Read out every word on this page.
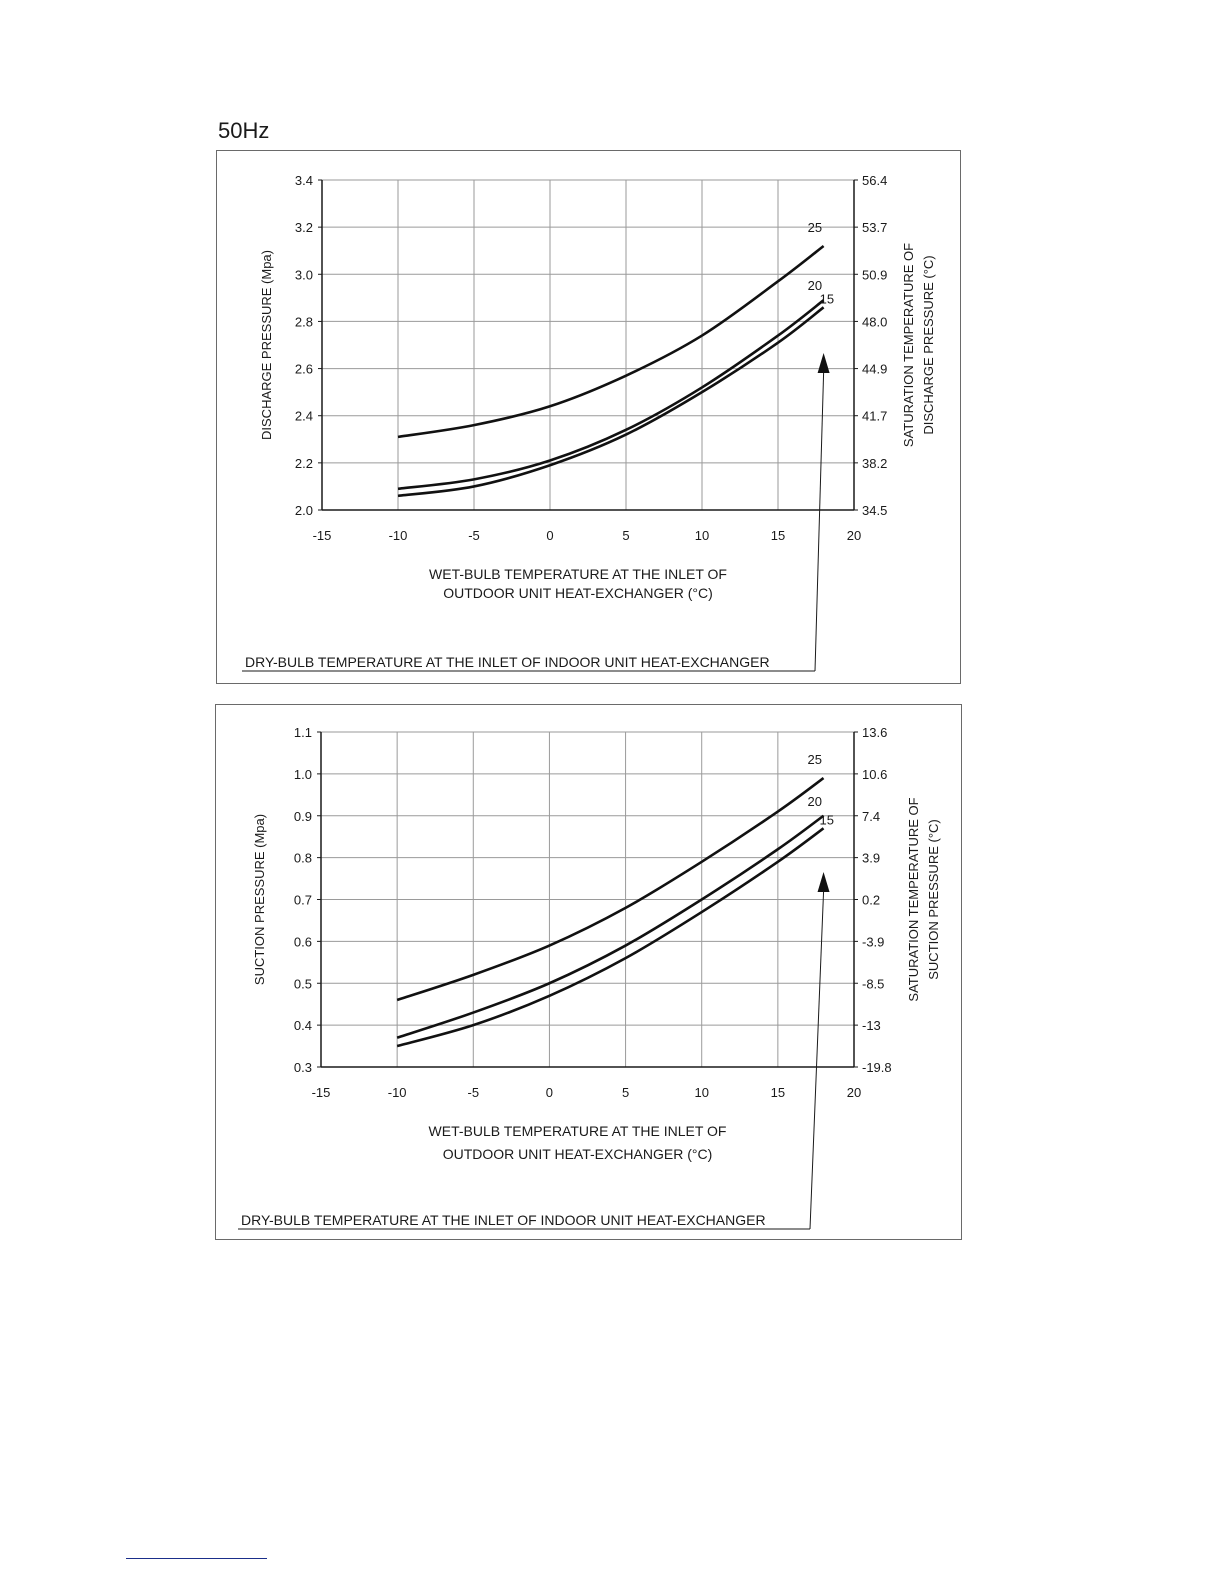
50Hz
-15	-10	-5	0	5	10	15	20
2.0	34.5
2.2	38.2
2.4	41.7
2.6	44.9
2.8	48.0
3.0	50.9
3.2	53.7
3.4	56.4
25
20
15
DISCHARGE PRESSURE (Mpa)	SATURATION TEMPERATURE OF DISCHARGE PRESSURE (°C)
WET-BULB TEMPERATURE AT THE INLET OF
OUTDOOR UNIT HEAT-EXCHANGER (°C)
DRY-BULB TEMPERATURE AT THE INLET OF INDOOR UNIT HEAT-EXCHANGER
-15	-10	-5	0	5	10	15	20
0.3	-19.8
0.4	-13
0.5	-8.5
0.6	-3.9
0.7	0.2
0.8	3.9
0.9	7.4
1.0	10.6
1.1	13.6
25
20
15
SUCTION PRESSURE (Mpa)	SATURATION TEMPERATURE OF SUCTION PRESSURE (°C)
WET-BULB TEMPERATURE AT THE INLET OF
OUTDOOR UNIT HEAT-EXCHANGER (°C)
DRY-BULB TEMPERATURE AT THE INLET OF INDOOR UNIT HEAT-EXCHANGER
